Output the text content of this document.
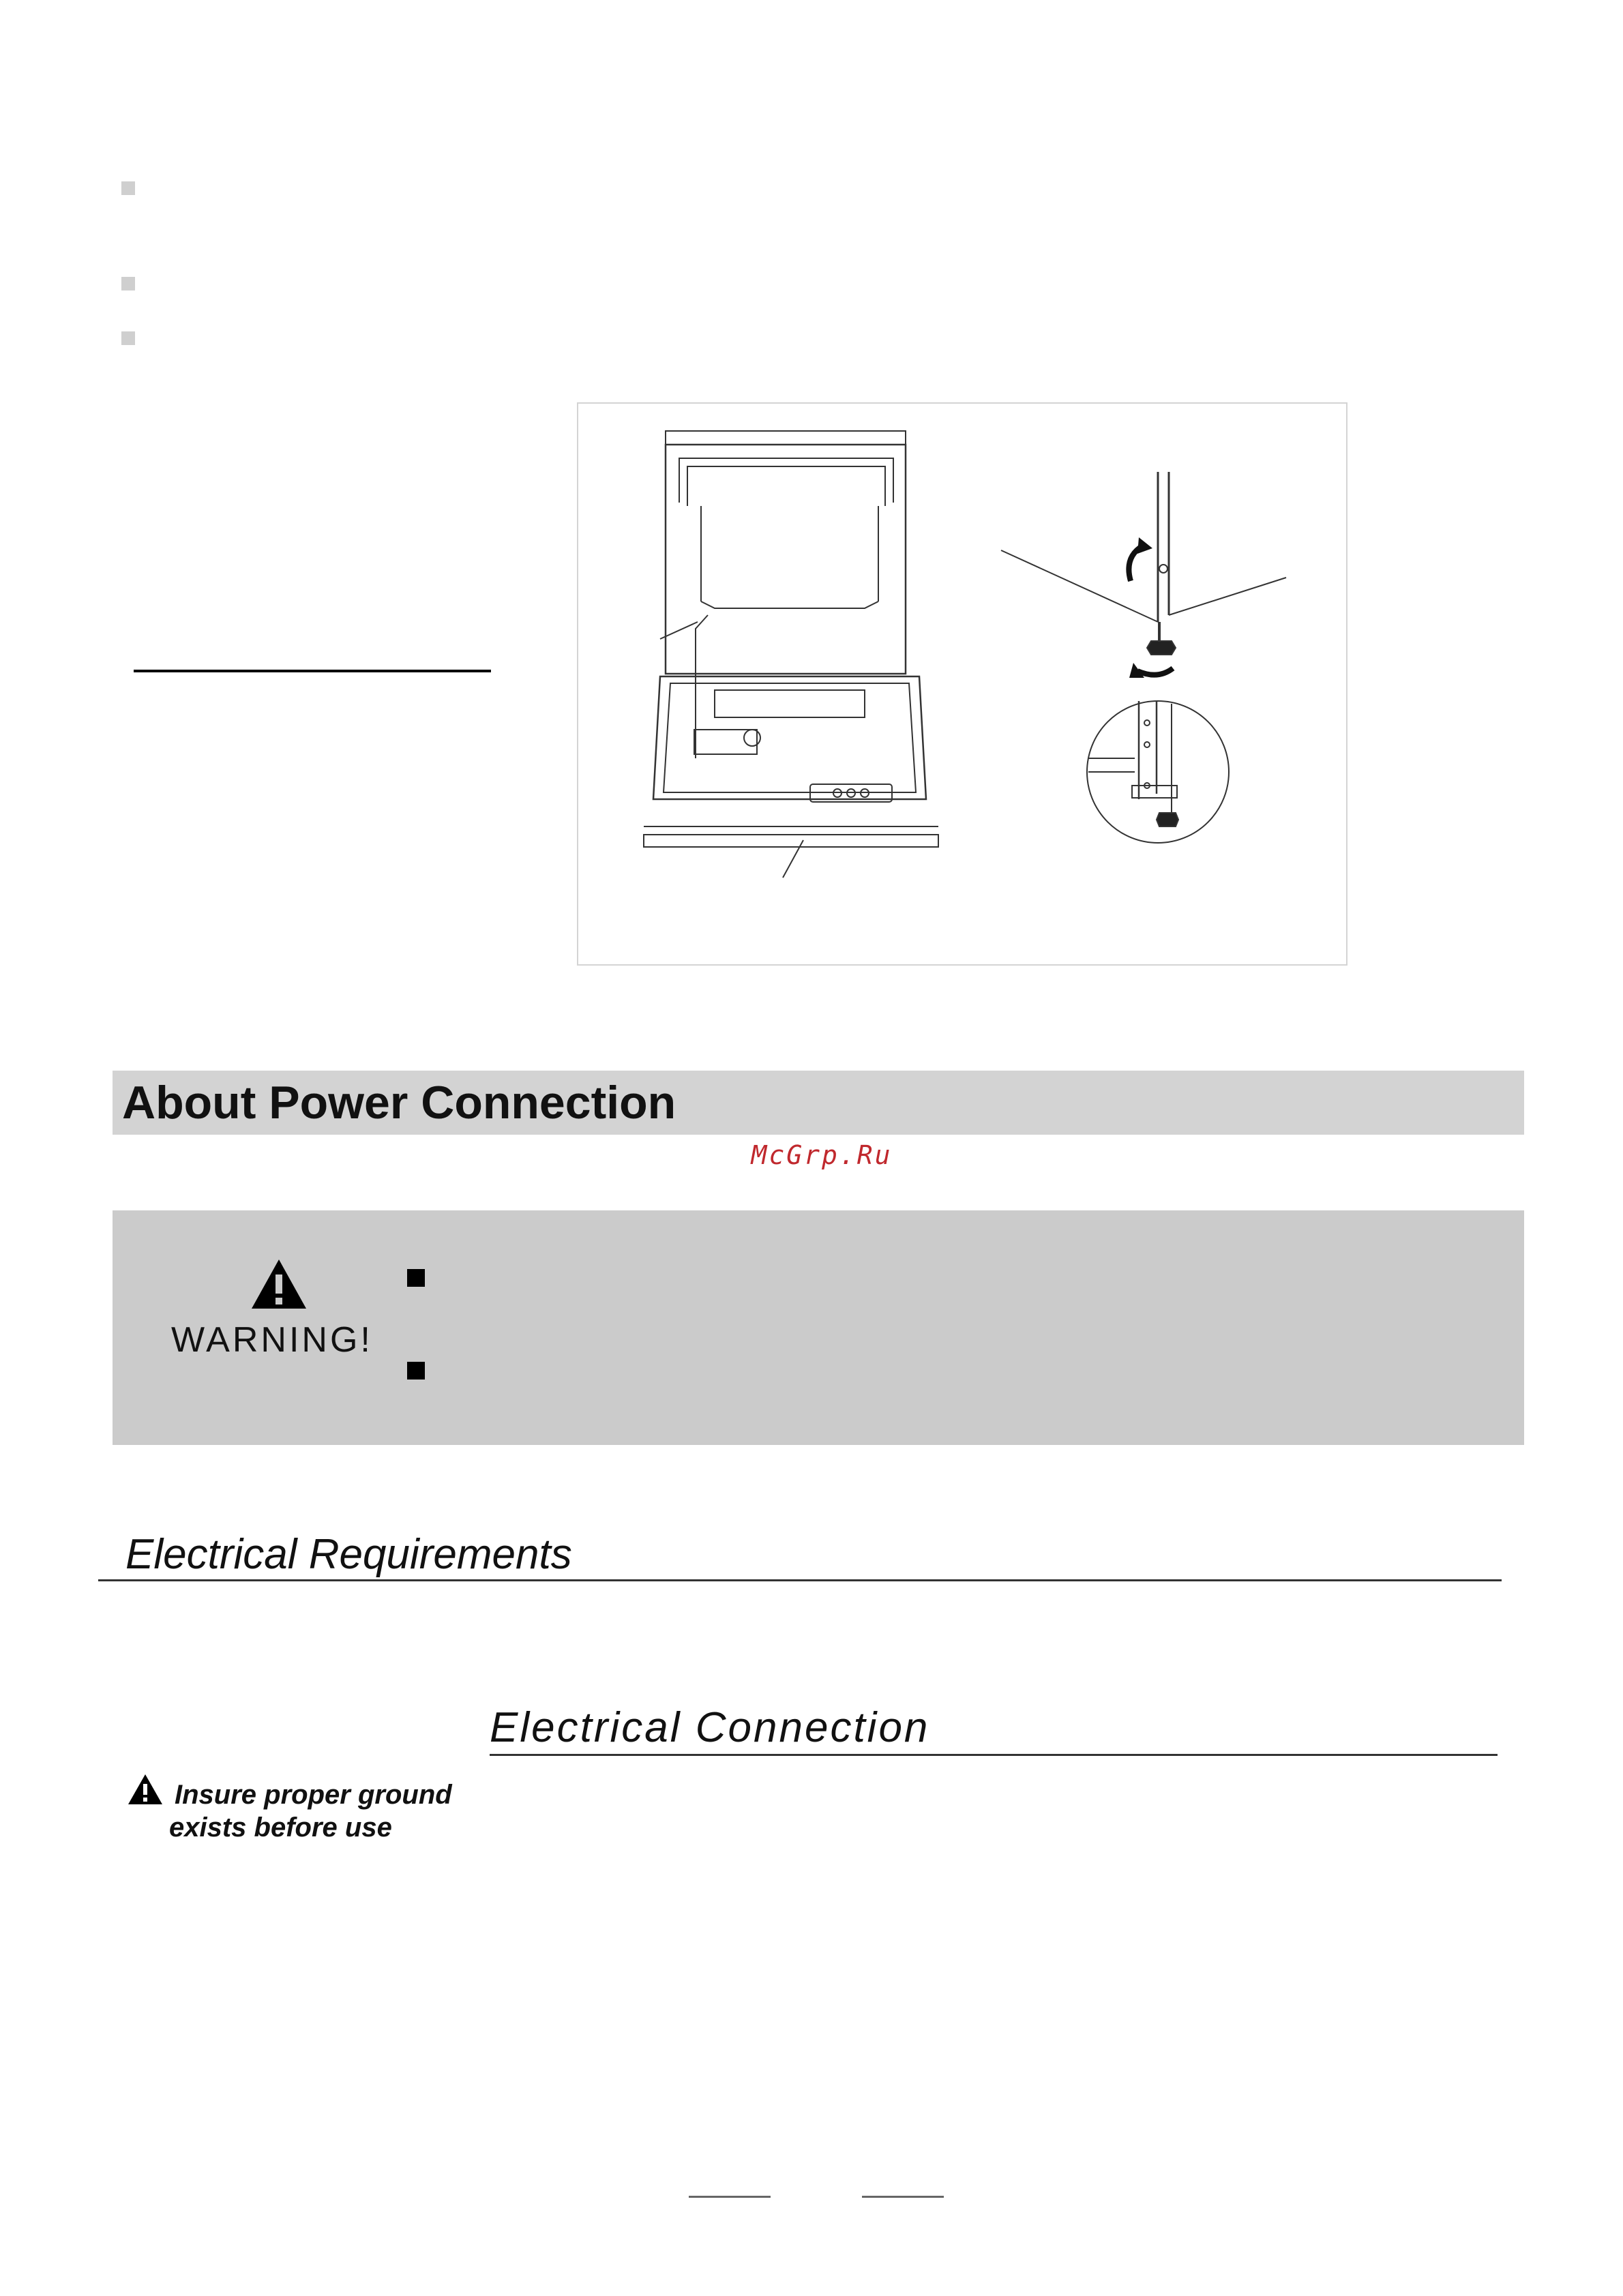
About Power Connection
McGrp.Ru
WARNING!
Electrical Requirements
Electrical Connection
Insure proper ground
exists before use
